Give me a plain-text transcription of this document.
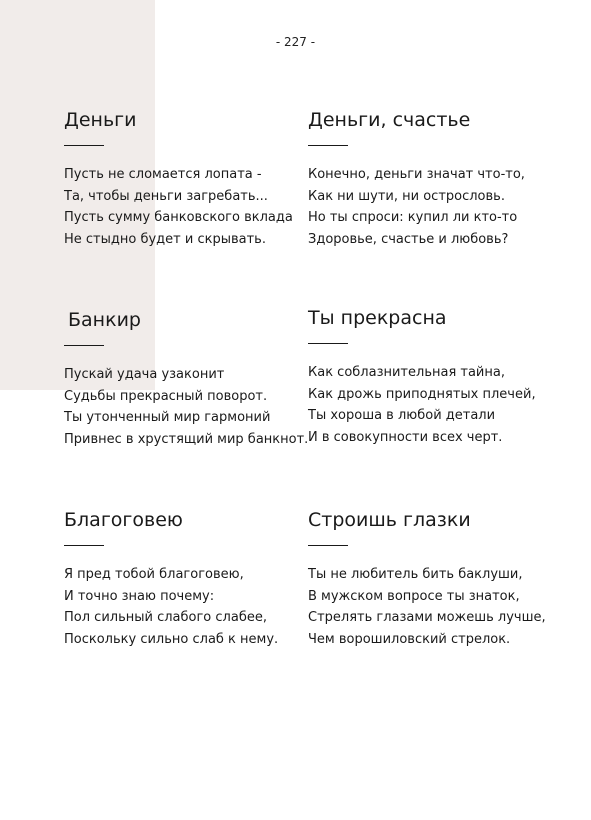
- 227 -
Деньги
Пусть не сломается лопата -
Та, чтобы деньги загребать...
Пусть сумму банковского вклада
Не стыдно будет и скрывать.
Деньги, счастье
Конечно, деньги значат что-то,
Как ни шути, ни острословь.
Но ты спроси: купил ли кто-то
Здоровье, счастье и любовь?
Банкир
Пускай удача узаконит
Судьбы прекрасный поворот.
Ты утонченный мир гармоний
Привнес в хрустящий мир банкнот.
Ты прекрасна
Как соблазнительная тайна,
Как дрожь приподнятых плечей,
Ты хороша в любой детали
И в совокупности всех черт.
Благоговею
Я пред тобой благоговею,
И точно знаю почему:
Пол сильный слабого слабее,
Поскольку сильно слаб к нему.
Строишь глазки
Ты не любитель бить баклуши,
В мужском вопросе ты знаток,
Стрелять глазами можешь лучше,
Чем ворошиловский стрелок.
